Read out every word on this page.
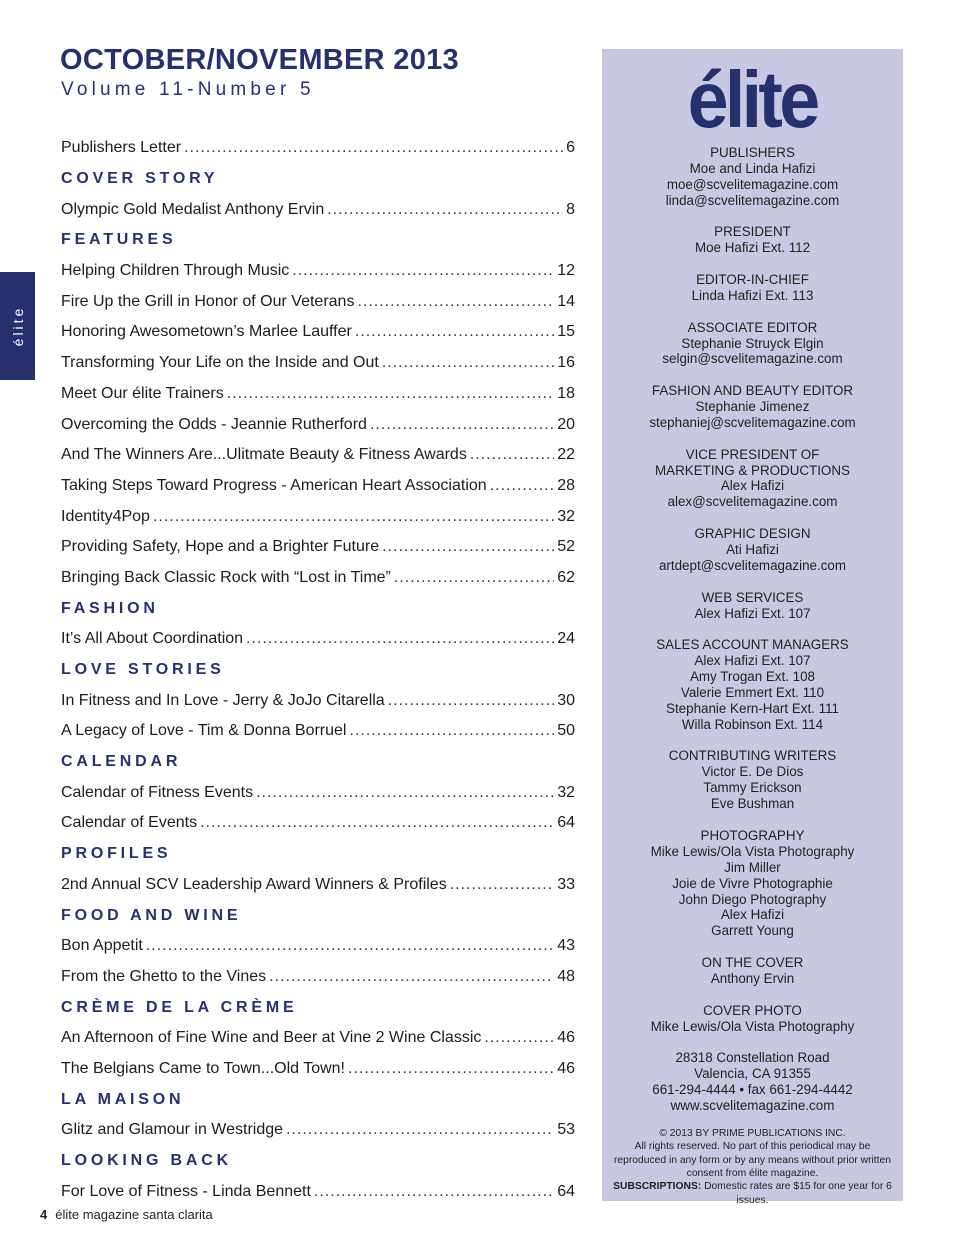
OCTOBER/NOVEMBER 2013
Volume 11-Number 5
élite
Publishers Letter .....	6
COVER STORY
Olympic Gold Medalist Anthony Ervin .....	8
FEATURES
Helping Children Through Music .....	12
Fire Up the Grill in Honor of Our Veterans .....	14
Honoring Awesometown’s Marlee Lauffer .....	15
Transforming Your Life on the Inside and Out .....	16
Meet Our élite Trainers .....	18
Overcoming the Odds - Jeannie Rutherford .....	20
And The Winners Are...Ulitmate Beauty & Fitness Awards .....	22
Taking Steps Toward Progress - American Heart Association .....	28
Identity4Pop .....	32
Providing Safety, Hope and a Brighter Future .....	52
Bringing Back Classic Rock with “Lost in Time” .....	62
FASHION
It’s All About Coordination .....	24
LOVE STORIES
In Fitness and In Love - Jerry & JoJo Citarella .....	30
A Legacy of Love - Tim & Donna Borruel .....	50
CALENDAR
Calendar of Fitness Events .....	32
Calendar of Events .....	64
PROFILES
2nd Annual SCV Leadership Award Winners & Profiles .....	33
FOOD AND WINE
Bon Appetit .....	43
From the Ghetto to the Vines .....	48
CRÈME DE LA CRÈME
An Afternoon of Fine Wine and Beer at Vine 2 Wine Classic .....	46
The Belgians Came to Town...Old Town! .....	46
LA MAISON
Glitz and Glamour in Westridge .....	53
LOOKING BACK
For Love of Fitness - Linda Bennett .....	64
4 élite magazine santa clarita
élite
PUBLISHERS
Moe and Linda Hafizi
moe@scvelitemagazine.com
linda@scvelitemagazine.com
PRESIDENT
Moe Hafizi Ext. 112
EDITOR-IN-CHIEF
Linda Hafizi Ext. 113
ASSOCIATE EDITOR
Stephanie Struyck Elgin
selgin@scvelitemagazine.com
FASHION AND BEAUTY EDITOR
Stephanie Jimenez
stephaniej@scvelitemagazine.com
VICE PRESIDENT OF
MARKETING & PRODUCTIONS
Alex Hafizi
alex@scvelitemagazine.com
GRAPHIC DESIGN
Ati Hafizi
artdept@scvelitemagazine.com
WEB SERVICES
Alex Hafizi Ext. 107
SALES ACCOUNT MANAGERS
Alex Hafizi Ext. 107
Amy Trogan Ext. 108
Valerie Emmert Ext. 110
Stephanie Kern-Hart Ext. 111
Willa Robinson Ext. 114
CONTRIBUTING WRITERS
Victor E. De Dios
Tammy Erickson
Eve Bushman
PHOTOGRAPHY
Mike Lewis/Ola Vista Photography
Jim Miller
Joie de Vivre Photographie
John Diego Photography
Alex Hafizi
Garrett Young
ON THE COVER
Anthony Ervin
COVER PHOTO
Mike Lewis/Ola Vista Photography
28318 Constellation Road
Valencia, CA 91355
661-294-4444 • fax 661-294-4442
www.scvelitemagazine.com
© 2013 BY PRIME PUBLICATIONS INC.
All rights reserved. No part of this periodical may be reproduced in any form or by any means without prior written consent from élite magazine.
SUBSCRIPTIONS: Domestic rates are $15 for one year for 6 issues.
